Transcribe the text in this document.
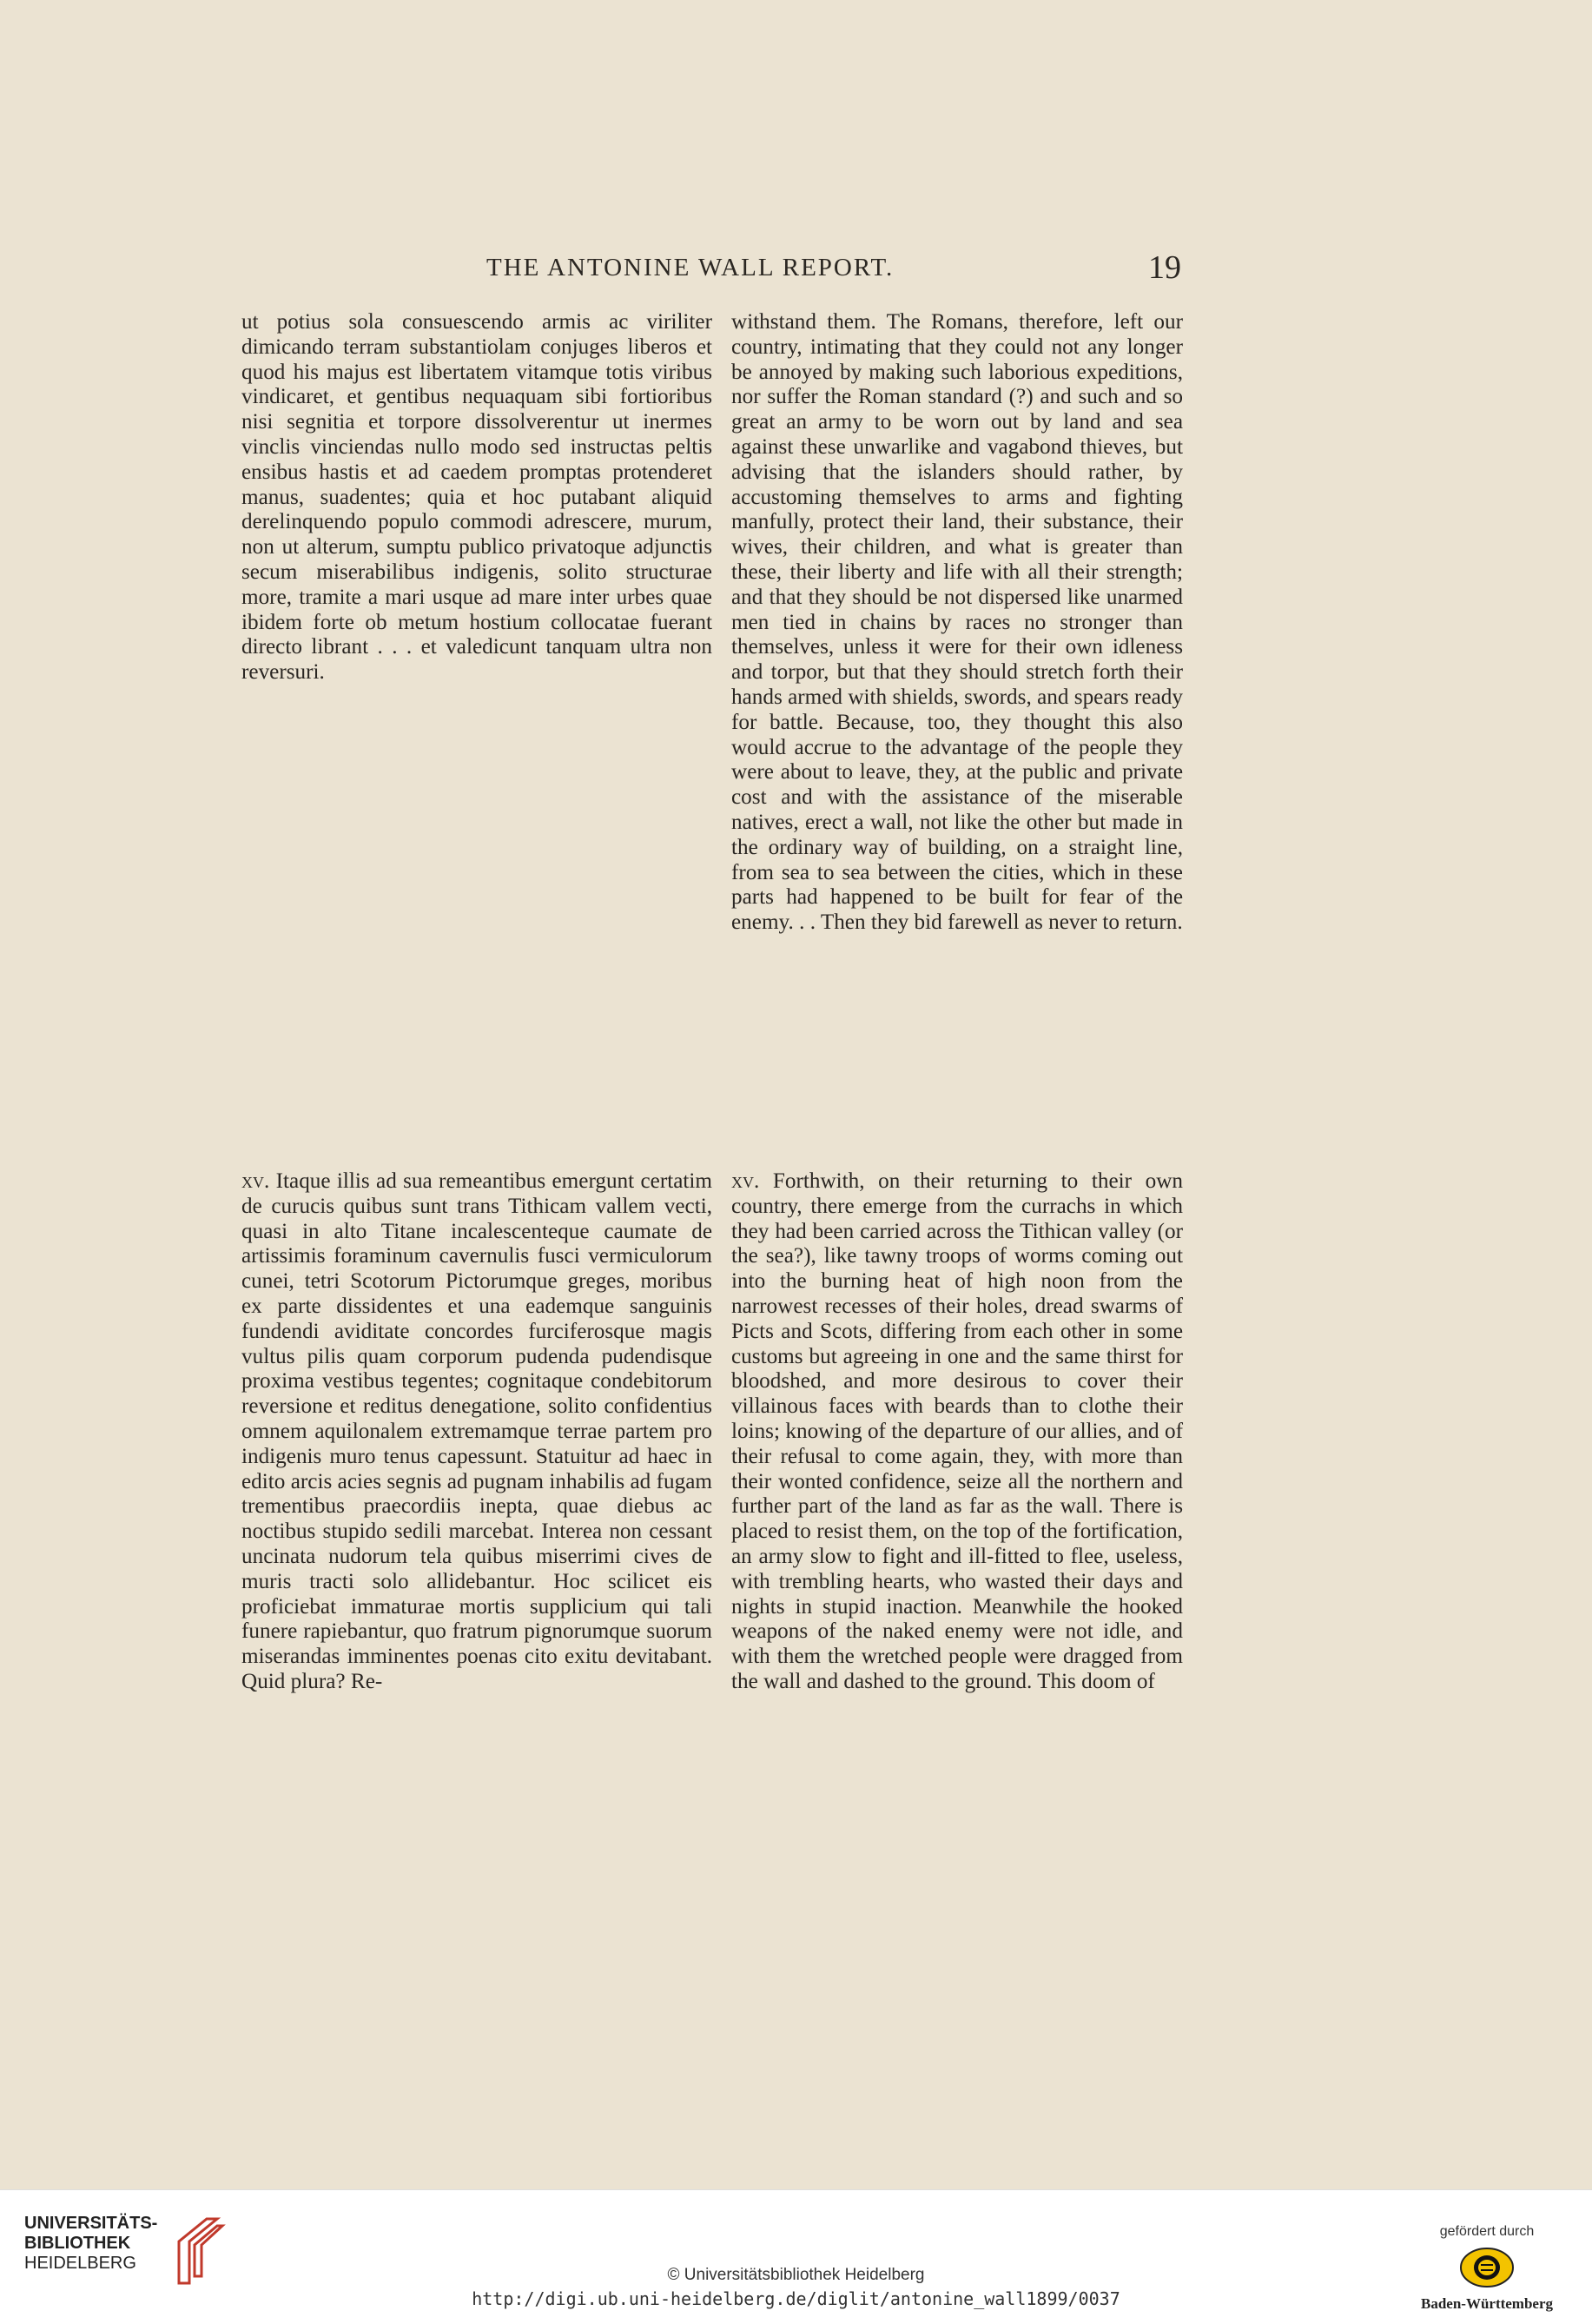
THE ANTONINE WALL REPORT.	19
ut potius sola consuescendo armis ac viriliter dimicando terram substantiolam conjuges liberos et quod his majus est libertatem vitamque totis viribus vindicaret, et gentibus nequaquam sibi fortioribus nisi segnitia et torpore dissolverentur ut inermes vinclis vinciendas nullo modo sed instructas peltis ensibus hastis et ad caedem promptas protenderet manus, suadentes; quia et hoc putabant aliquid derelinquendo populo commodi adrescere, murum, non ut alterum, sumptu publico privatoque adjunctis secum miserabilibus indigenis, solito structurae more, tramite a mari usque ad mare inter urbes quae ibidem forte ob metum hostium collocatae fuerant directo librant . . . et valedicunt tanquam ultra non reversuri.
withstand them. The Romans, therefore, left our country, intimating that they could not any longer be annoyed by making such laborious expeditions, nor suffer the Roman standard (?) and such and so great an army to be worn out by land and sea against these unwarlike and vagabond thieves, but advising that the islanders should rather, by accustoming themselves to arms and fighting manfully, protect their land, their substance, their wives, their children, and what is greater than these, their liberty and life with all their strength; and that they should be not dispersed like unarmed men tied in chains by races no stronger than themselves, unless it were for their own idleness and torpor, but that they should stretch forth their hands armed with shields, swords, and spears ready for battle. Because, too, they thought this also would accrue to the advantage of the people they were about to leave, they, at the public and private cost and with the assistance of the miserable natives, erect a wall, not like the other but made in the ordinary way of building, on a straight line, from sea to sea between the cities, which in these parts had happened to be built for fear of the enemy. . . Then they bid farewell as never to return.
xv. Itaque illis ad sua remeantibus emergunt certatim de curucis quibus sunt trans Tithicam vallem vecti, quasi in alto Titane incalescenteque caumate de artissimis foraminum cavernulis fusci vermiculorum cunei, tetri Scotorum Pictorumque greges, moribus ex parte dissidentes et una eademque sanguinis fundendi aviditate concordes furciferosque magis vultus pilis quam corporum pudenda pudendisque proxima vestibus tegentes; cognitaque condebitorum reversione et reditus denegatione, solito confidentius omnem aquilonalem extremamque terrae partem pro indigenis muro tenus capessunt. Statuitur ad haec in edito arcis acies segnis ad pugnam inhabilis ad fugam trementibus praecordiis inepta, quae diebus ac noctibus stupido sedili marcebat. Interea non cessant uncinata nudorum tela quibus miserrimi cives de muris tracti solo allidebantur. Hoc scilicet eis proficiebat immaturae mortis supplicium qui tali funere rapiebantur, quo fratrum pignorumque suorum miserandas imminentes poenas cito exitu devitabant. Quid plura? Re-
xv. Forthwith, on their returning to their own country, there emerge from the currachs in which they had been carried across the Tithican valley (or the sea?), like tawny troops of worms coming out into the burning heat of high noon from the narrowest recesses of their holes, dread swarms of Picts and Scots, differing from each other in some customs but agreeing in one and the same thirst for bloodshed, and more desirous to cover their villainous faces with beards than to clothe their loins; knowing of the departure of our allies, and of their refusal to come again, they, with more than their wonted confidence, seize all the northern and further part of the land as far as the wall. There is placed to resist them, on the top of the fortification, an army slow to fight and ill-fitted to flee, useless, with trembling hearts, who wasted their days and nights in stupid inaction. Meanwhile the hooked weapons of the naked enemy were not idle, and with them the wretched people were dragged from the wall and dashed to the ground. This doom of
UNIVERSITÄTS-
BIBLIOTHEK
HEIDELBERG
© Universitätsbibliothek Heidelberg
http://digi.ub.uni-heidelberg.de/diglit/antonine_wall1899/0037
gefördert durch
Baden-Württemberg
